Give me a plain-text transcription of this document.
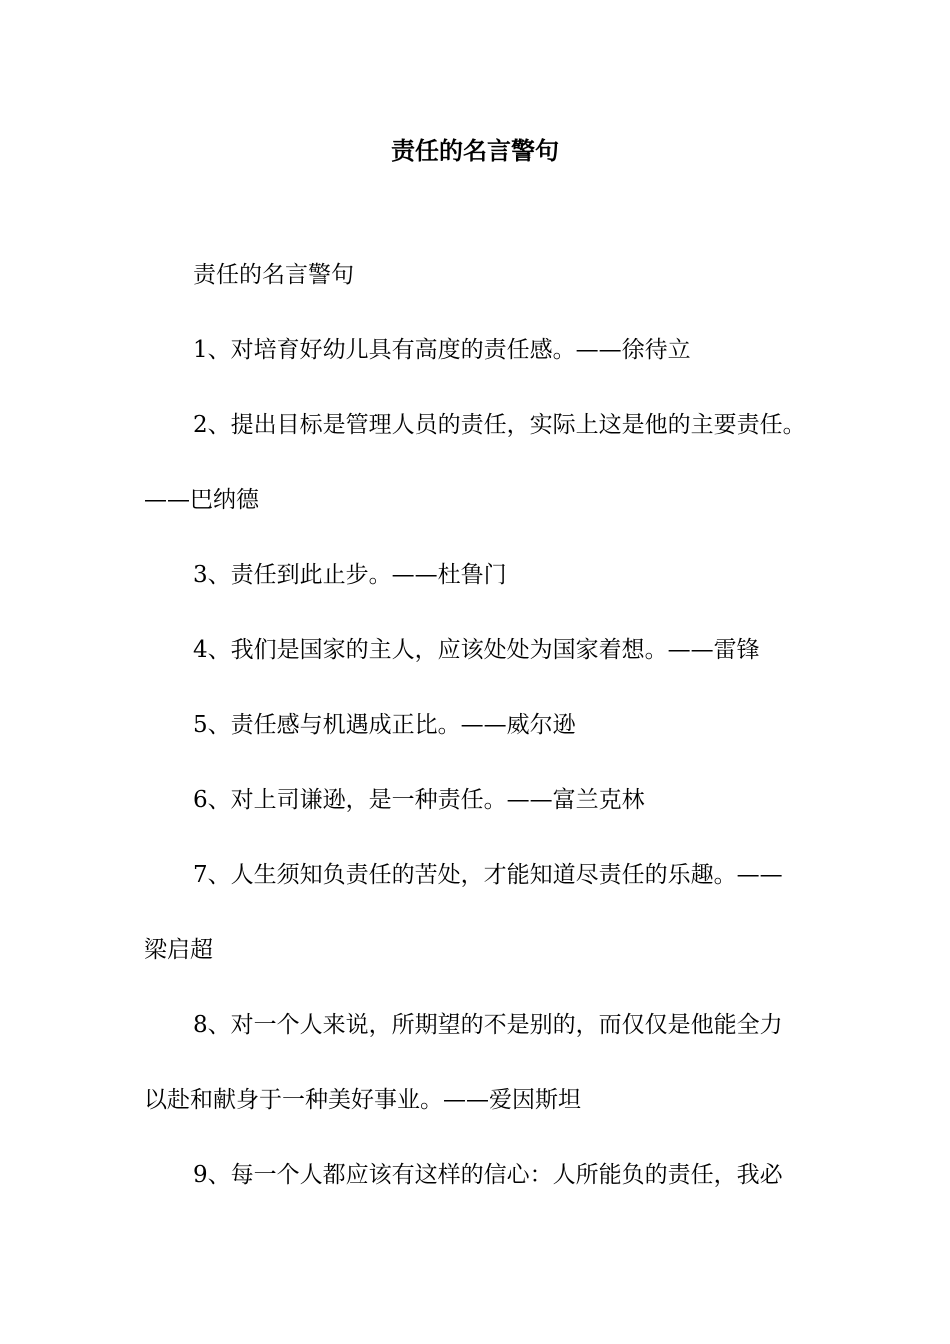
责任的名言警句
责任的名言警句
1、对培育好幼儿具有高度的责任感。——徐待立
2、提出目标是管理人员的责任，实际上这是他的主要责任。
——巴纳德
3、责任到此止步。——杜鲁门
4、我们是国家的主人，应该处处为国家着想。——雷锋
5、责任感与机遇成正比。——威尔逊
6、对上司谦逊，是一种责任。——富兰克林
7、人生须知负责任的苦处，才能知道尽责任的乐趣。——
梁启超
8、对一个人来说，所期望的不是别的，而仅仅是他能全力
以赴和献身于一种美好事业。——爱因斯坦
9、每一个人都应该有这样的信心：人所能负的责任，我必
